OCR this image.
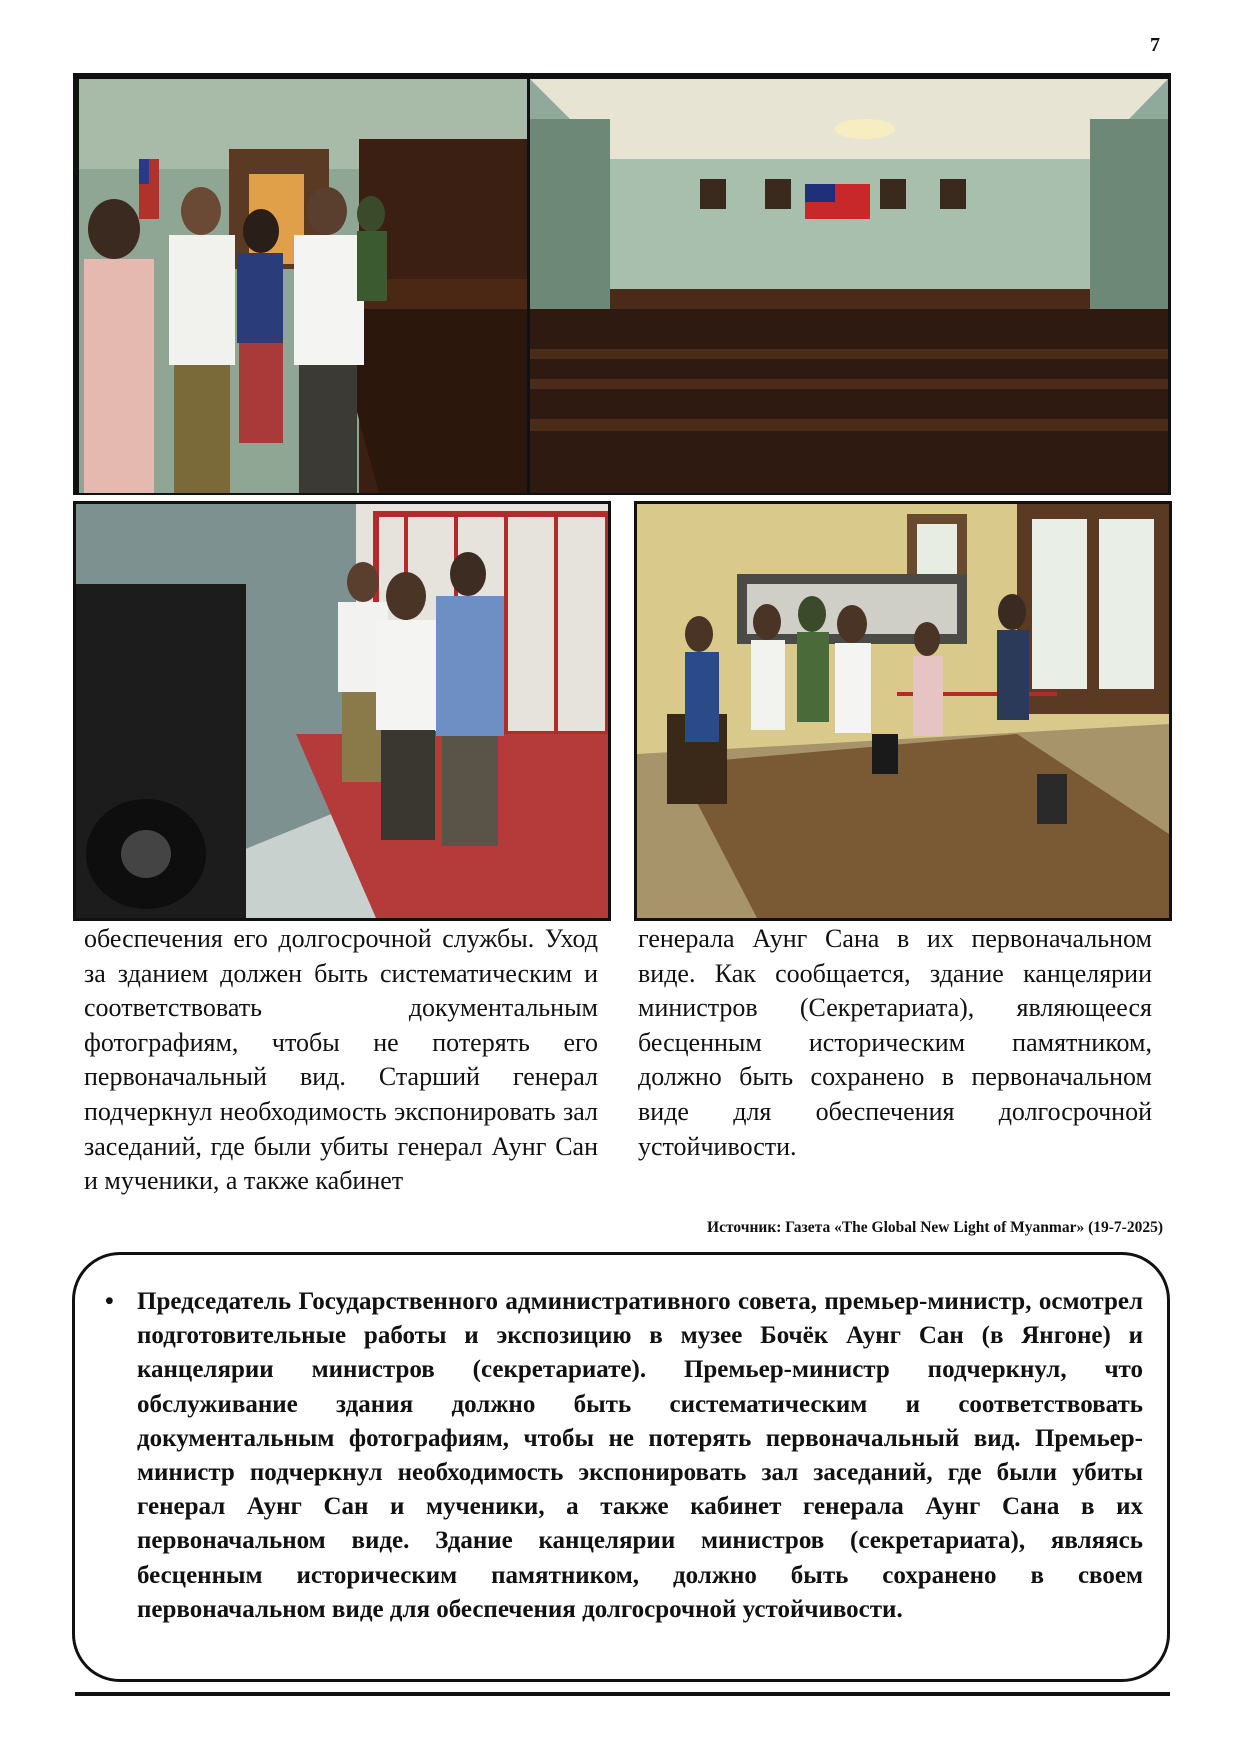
7

обеспечения его долгосрочной службы. Уход за зданием должен быть систематическим и соответствовать документальным фотографиям, чтобы не потерять его первоначальный вид. Старший генерал подчеркнул необходимость экспонировать зал заседаний, где были убиты генерал Аунг Сан и мученики, а также кабинет

генерала Аунг Сана в их первоначальном виде. Как сообщается, здание канцелярии министров (Секретариата), являющееся бесценным историческим памятником, должно быть сохранено в первоначальном виде для обеспечения долгосрочной устойчивости.

Источник: Газета «The Global New Light of Myanmar» (19-7-2025)
• Председатель Государственного административного совета, премьер-министр, осмотрел подготовительные работы и экспозицию в музее Бочёк Аунг Сан (в Янгоне) и канцелярии министров (секретариате). Премьер-министр подчеркнул, что обслуживание здания должно быть систематическим и соответствовать документальным фотографиям, чтобы не потерять первоначальный вид. Премьер-министр подчеркнул необходимость экспонировать зал заседаний, где были убиты генерал Аунг Сан и мученики, а также кабинет генерала Аунг Сана в их первоначальном виде. Здание канцелярии министров (секретариата), являясь бесценным историческим памятником, должно быть сохранено в своем первоначальном виде для обеспечения долгосрочной устойчивости.
